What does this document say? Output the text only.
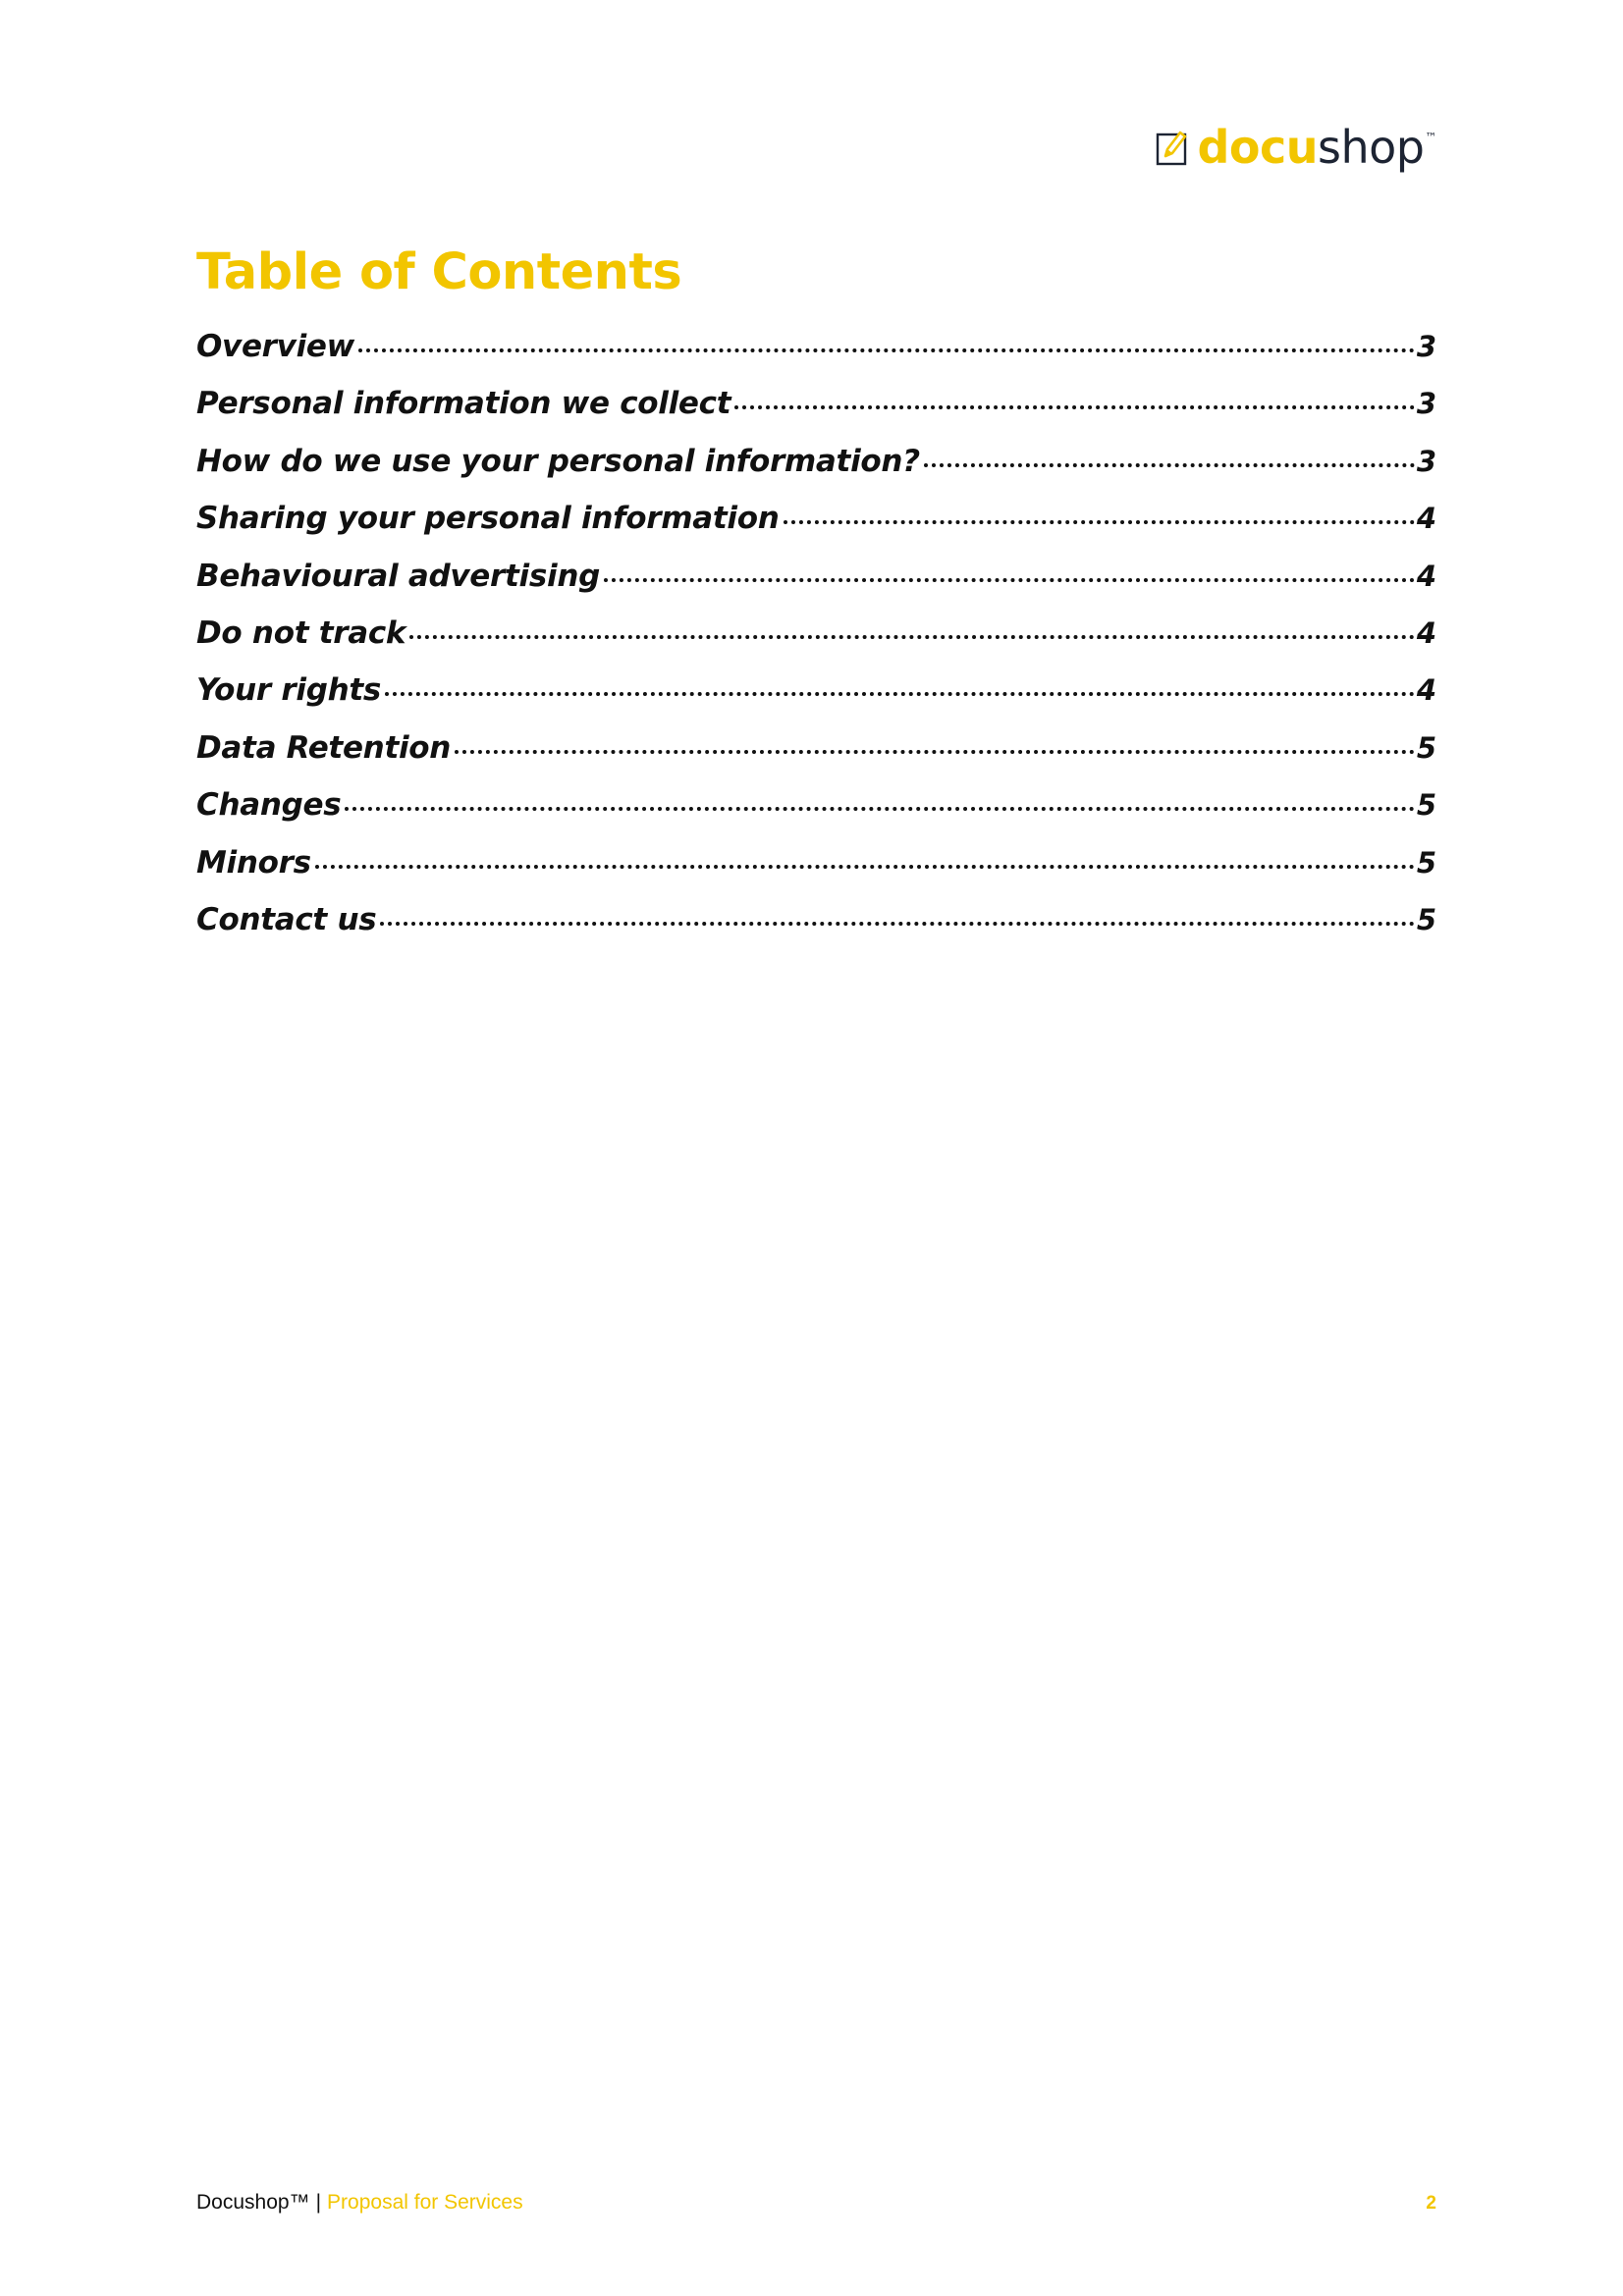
docushop™
Table of Contents
Overview	3
Personal information we collect	3
How do we use your personal information?	3
Sharing your personal information	4
Behavioural advertising	4
Do not track	4
Your rights	4
Data Retention	5
Changes	5
Minors	5
Contact us	5
Docushop™ | Proposal for Services	2
